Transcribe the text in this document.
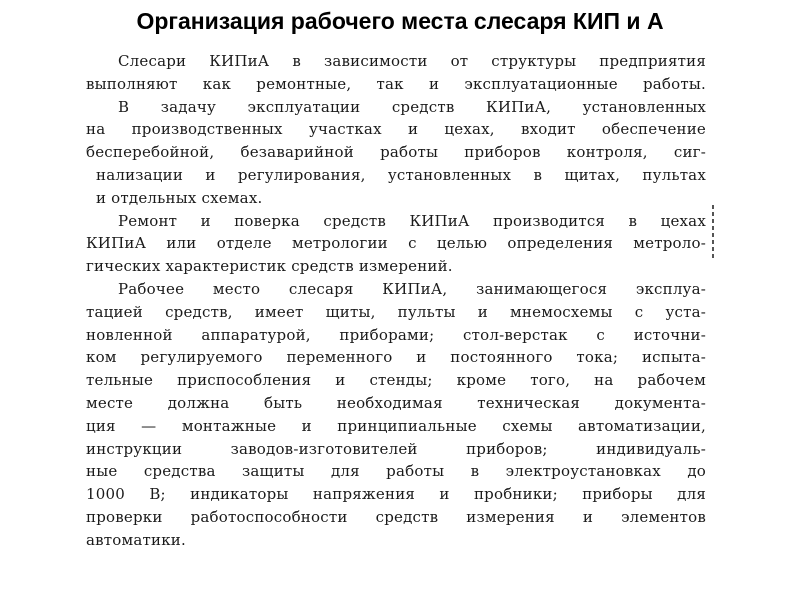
Организация рабочего места слесаря КИП и А
Слесари КИПиА в зависимости от структуры предприятия
выполняют как ремонтные, так и эксплуатационные работы.
В задачу эксплуатации средств КИПиА, установленных
на производственных участках и цехах, входит обеспечение
бесперебойной, безаварийной работы приборов контроля, сиг-
нализации и регулирования, установленных в щитах, пультах
и отдельных схемах.
Ремонт и поверка средств КИПиА производится в цехах
КИПиА или отделе метрологии с целью определения метроло-
гических характеристик средств измерений.
Рабочее место слесаря КИПиА, занимающегося эксплуа-
тацией средств, имеет щиты, пульты и мнемосхемы с уста-
новленной аппаратурой, приборами; стол-верстак с источни-
ком регулируемого переменного и постоянного тока; испыта-
тельные приспособления и стенды; кроме того, на рабочем
месте должна быть необходимая техническая документа-
ция — монтажные и принципиальные схемы автоматизации,
инструкции заводов-изготовителей приборов; индивидуаль-
ные средства защиты для работы в электроустановках до
1000 В; индикаторы напряжения и пробники; приборы для
проверки работоспособности средств измерения и элементов
автоматики.
